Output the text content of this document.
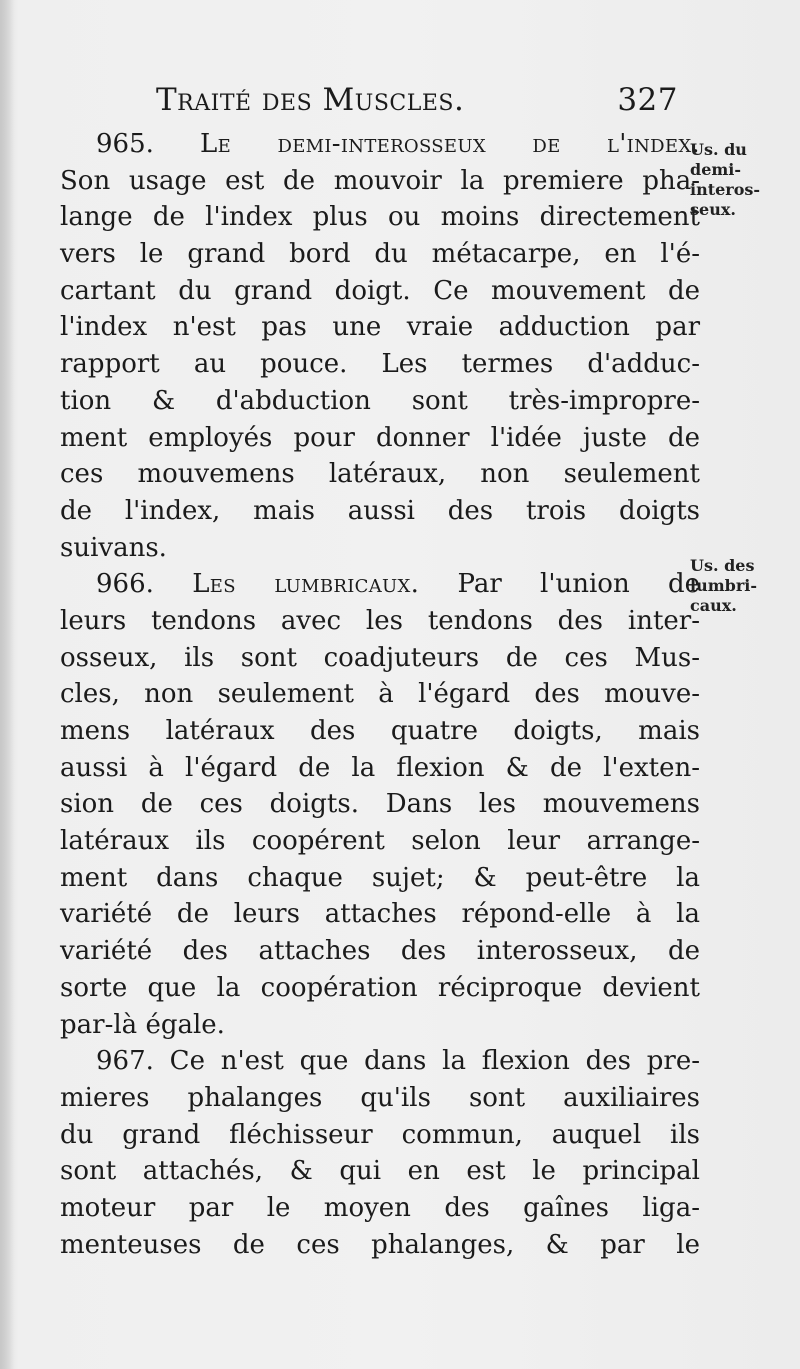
Traité des Muscles.	327
965. Le demi-interosseux de l'index.
Son usage est de mouvoir la premiere pha-
lange de l'index plus ou moins directement
vers le grand bord du métacarpe, en l'é-
cartant du grand doigt. Ce mouvement de
l'index n'est pas une vraie adduction par
rapport au pouce. Les termes d'adduc-
tion & d'abduction sont très-impropre-
ment employés pour donner l'idée juste de
ces mouvemens latéraux, non seulement
de l'index, mais aussi des trois doigts
suivans.
966. Les lumbricaux. Par l'union de
leurs tendons avec les tendons des inter-
osseux, ils sont coadjuteurs de ces Mus-
cles, non seulement à l'égard des mouve-
mens latéraux des quatre doigts, mais
aussi à l'égard de la flexion & de l'exten-
sion de ces doigts. Dans les mouvemens
latéraux ils coopérent selon leur arrange-
ment dans chaque sujet; & peut-être la
variété de leurs attaches répond-elle à la
variété des attaches des interosseux, de
sorte que la coopération réciproque devient
par-là égale.
967. Ce n'est que dans la flexion des pre-
mieres phalanges qu'ils sont auxiliaires
du grand fléchisseur commun, auquel ils
sont attachés, & qui en est le principal
moteur par le moyen des gaînes liga-
menteuses de ces phalanges, & par le
Us. du
demi-
interos-
seux.
Us. des
lumbri-
caux.
